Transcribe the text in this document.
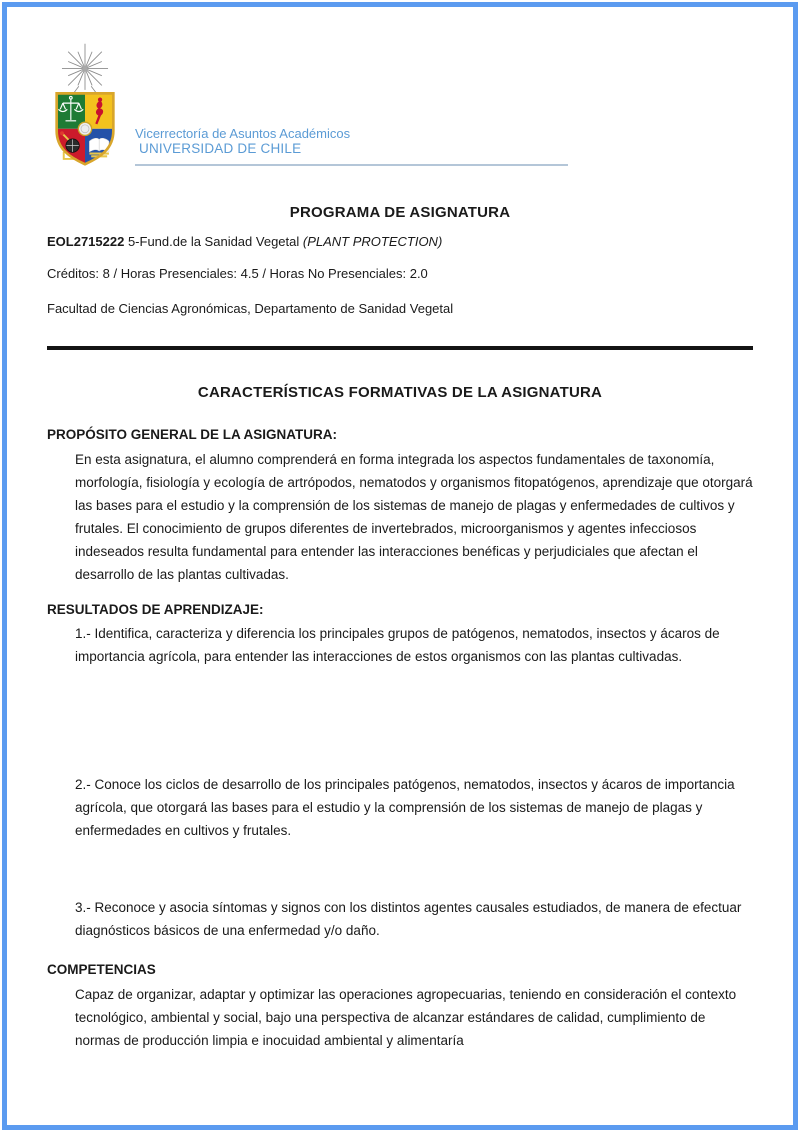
Vicerrectoría de Asuntos Académicos
UNIVERSIDAD DE CHILE
PROGRAMA DE ASIGNATURA
EOL2715222 5-Fund.de la Sanidad Vegetal (PLANT PROTECTION)
Créditos: 8 / Horas Presenciales: 4.5 / Horas No Presenciales: 2.0
Facultad de Ciencias Agronómicas, Departamento de Sanidad Vegetal
CARACTERÍSTICAS FORMATIVAS DE LA ASIGNATURA
PROPÓSITO GENERAL DE LA ASIGNATURA:
En esta asignatura, el alumno comprenderá en forma integrada los aspectos fundamentales de taxonomía, morfología, fisiología y ecología de artrópodos, nematodos y organismos fitopatógenos, aprendizaje que otorgará las bases para el estudio y la comprensión de los sistemas de manejo de plagas y enfermedades de cultivos y frutales. El conocimiento de grupos diferentes de invertebrados, microorganismos y agentes infecciosos indeseados resulta fundamental para entender las interacciones benéficas y perjudiciales que afectan el desarrollo de las plantas cultivadas.
RESULTADOS DE APRENDIZAJE:
1.- Identifica, caracteriza y diferencia los principales grupos de patógenos, nematodos, insectos y ácaros de importancia agrícola, para entender las interacciones de estos organismos con las plantas cultivadas.
2.- Conoce los ciclos de desarrollo de los principales patógenos, nematodos, insectos y ácaros de importancia agrícola, que otorgará las bases para el estudio y la comprensión de los sistemas de manejo de plagas y enfermedades en cultivos y frutales.
3.- Reconoce y asocia síntomas y signos con los distintos agentes causales estudiados, de manera de efectuar diagnósticos básicos de una enfermedad y/o daño.
COMPETENCIAS
Capaz de organizar, adaptar y optimizar las operaciones agropecuarias, teniendo en consideración el contexto tecnológico, ambiental y social, bajo una perspectiva de alcanzar estándares de calidad, cumplimiento de normas de producción limpia e inocuidad ambiental y alimentaría
